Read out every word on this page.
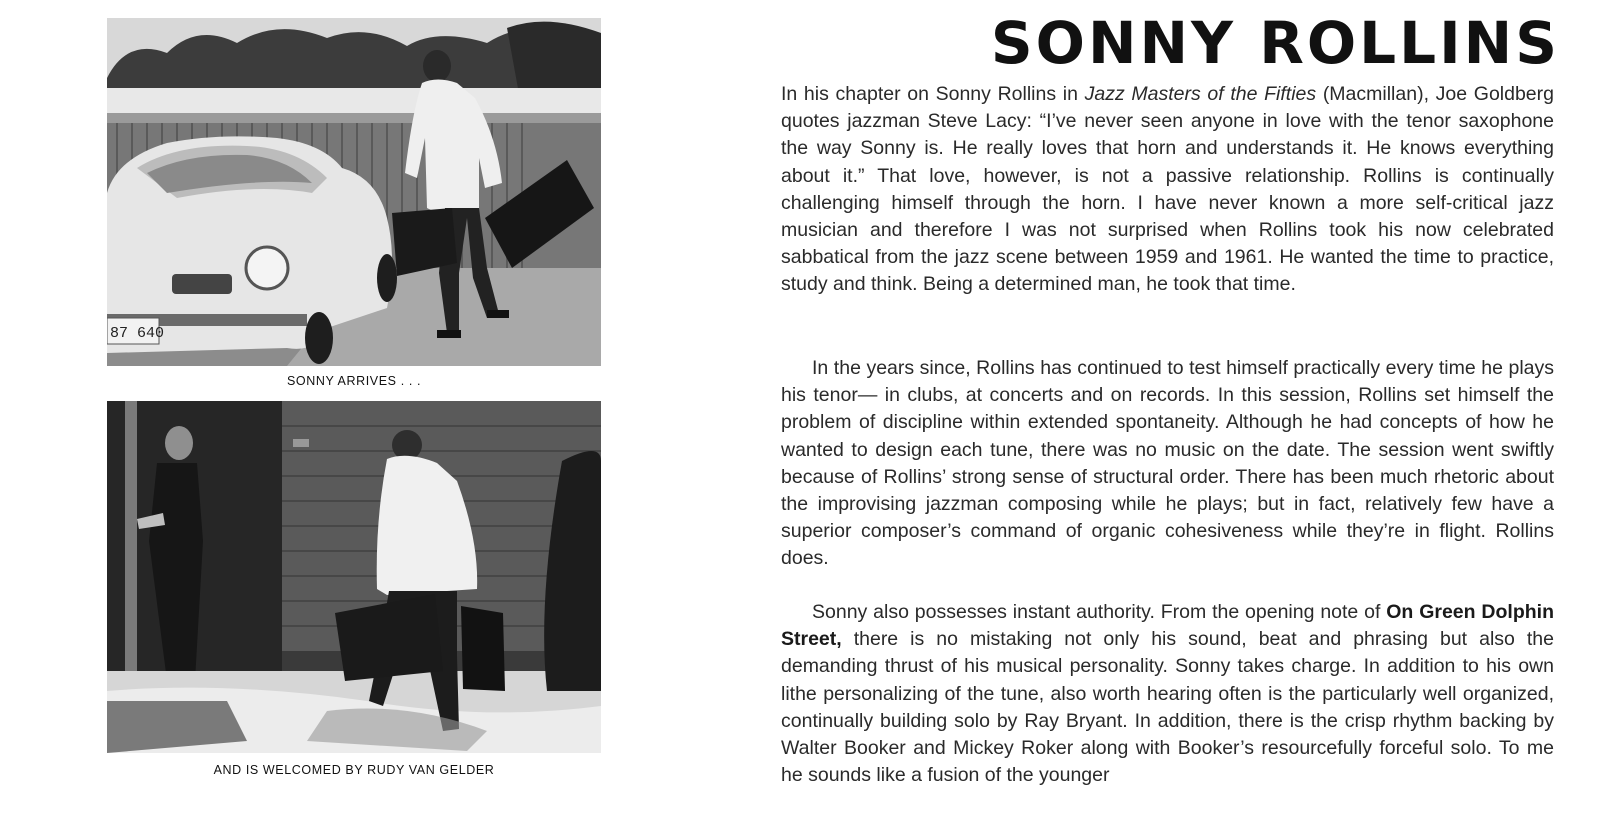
87 640
SONNY ARRIVES . . .
AND IS WELCOMED BY RUDY VAN GELDER
SONNY ROLLINS

In his chapter on Sonny Rollins in Jazz Masters of the Fifties (Macmillan), Joe Goldberg quotes jazzman Steve Lacy: “I’ve never seen anyone in love with the tenor saxophone the way Sonny is. He really loves that horn and understands it. He knows everything about it.” That love, however, is not a passive relationship. Rollins is continually challenging himself through the horn. I have never known a more self-critical jazz musician and therefore I was not surprised when Rollins took his now celebrated sabbatical from the jazz scene between 1959 and 1961. He wanted the time to practice, study and think. Being a determined man, he took that time.

In the years since, Rollins has continued to test himself practically every time he plays his tenor— in clubs, at concerts and on records. In this session, Rollins set himself the problem of discipline within extended spontaneity. Although he had concepts of how he wanted to design each tune, there was no music on the date. The session went swiftly because of Rollins’ strong sense of structural order. There has been much rhetoric about the improvising jazzman composing while he plays; but in fact, relatively few have a superior composer’s command of organic cohesiveness while they’re in flight. Rollins does.

Sonny also possesses instant authority. From the opening note of On Green Dolphin Street, there is no mistaking not only his sound, beat and phrasing but also the demanding thrust of his musical personality. Sonny takes charge. In addition to his own lithe personalizing of the tune, also worth hearing often is the particularly well organized, continually building solo by Ray Bryant. In addition, there is the crisp rhythm backing by Walter Booker and Mickey Roker along with Booker’s resourcefully forceful solo. To me he sounds like a fusion of the younger
